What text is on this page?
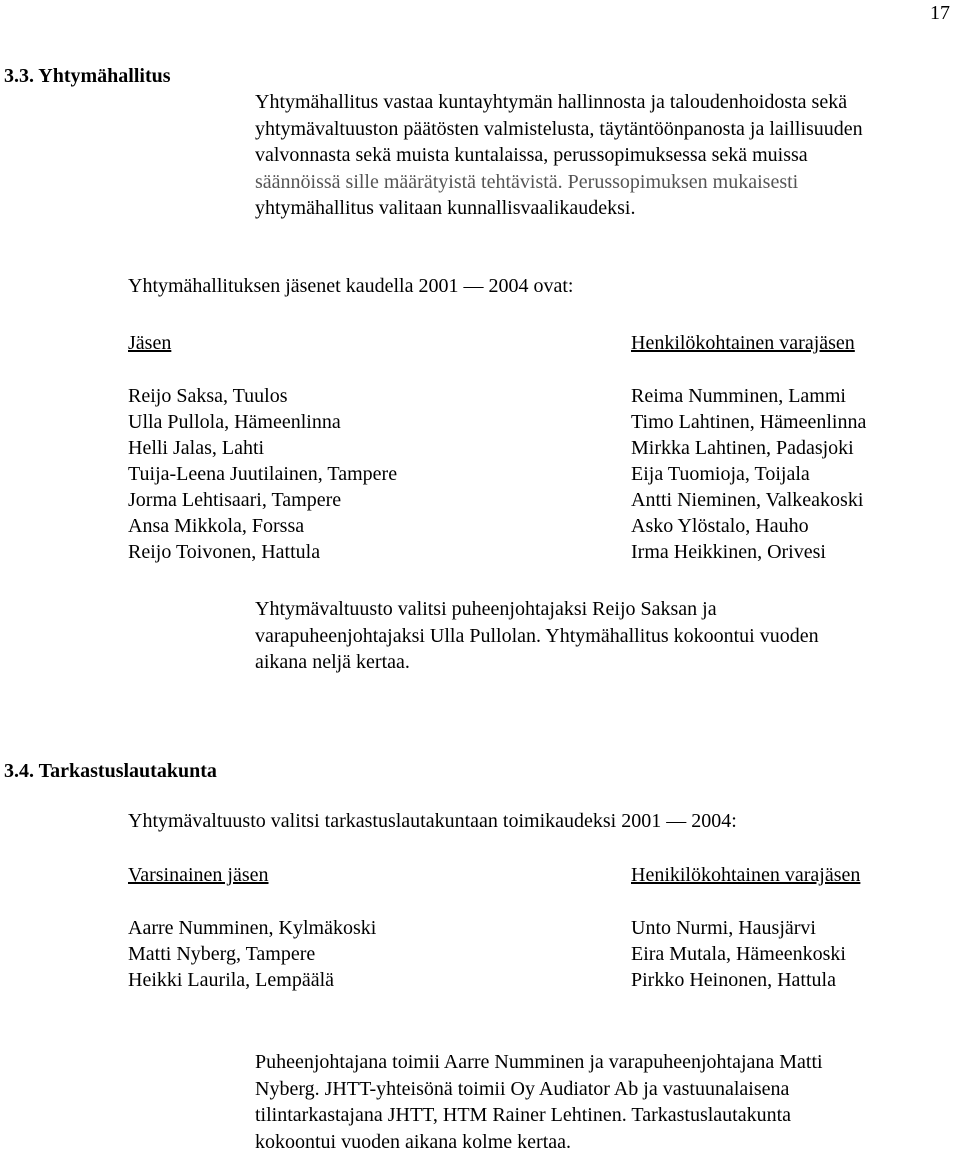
17
3.3. Yhtymähallitus
Yhtymähallitus vastaa kuntayhtymän hallinnosta ja taloudenhoidosta sekä
yhtymävaltuuston päätösten valmistelusta, täytäntöönpanosta ja laillisuuden
valvonnasta sekä muista kuntalaissa, perussopimuksessa sekä muissa
säännöissä sille määrätyistä tehtävistä. Perussopimuksen mukaisesti
yhtymähallitus valitaan kunnallisvaalikaudeksi.
Yhtymähallituksen jäsenet kaudella 2001 — 2004 ovat:
Jäsen	Henkilökohtainen varajäsen
Reijo Saksa, Tuulos
Ulla Pullola, Hämeenlinna
Helli Jalas, Lahti
Tuija-Leena Juutilainen, Tampere
Jorma Lehtisaari, Tampere
Ansa Mikkola, Forssa
Reijo Toivonen, Hattula
Reima Numminen, Lammi
Timo Lahtinen, Hämeenlinna
Mirkka Lahtinen, Padasjoki
Eija Tuomioja, Toijala
Antti Nieminen, Valkeakoski
Asko Ylöstalo, Hauho
Irma Heikkinen, Orivesi
Yhtymävaltuusto valitsi puheenjohtajaksi Reijo Saksan ja
varapuheenjohtajaksi Ulla Pullolan. Yhtymähallitus kokoontui vuoden
aikana neljä kertaa.
3.4. Tarkastuslautakunta
Yhtymävaltuusto valitsi tarkastuslautakuntaan toimikaudeksi 2001 — 2004:
Varsinainen jäsen	Henikilökohtainen varajäsen
Aarre Numminen, Kylmäkoski
Matti Nyberg, Tampere
Heikki Laurila, Lempäälä
Unto Nurmi, Hausjärvi
Eira Mutala, Hämeenkoski
Pirkko Heinonen, Hattula
Puheenjohtajana toimii Aarre Numminen ja varapuheenjohtajana Matti
Nyberg. JHTT-yhteisönä toimii Oy Audiator Ab ja vastuunalaisena
tilintarkastajana JHTT, HTM Rainer Lehtinen. Tarkastuslautakunta
kokoontui vuoden aikana kolme kertaa.
